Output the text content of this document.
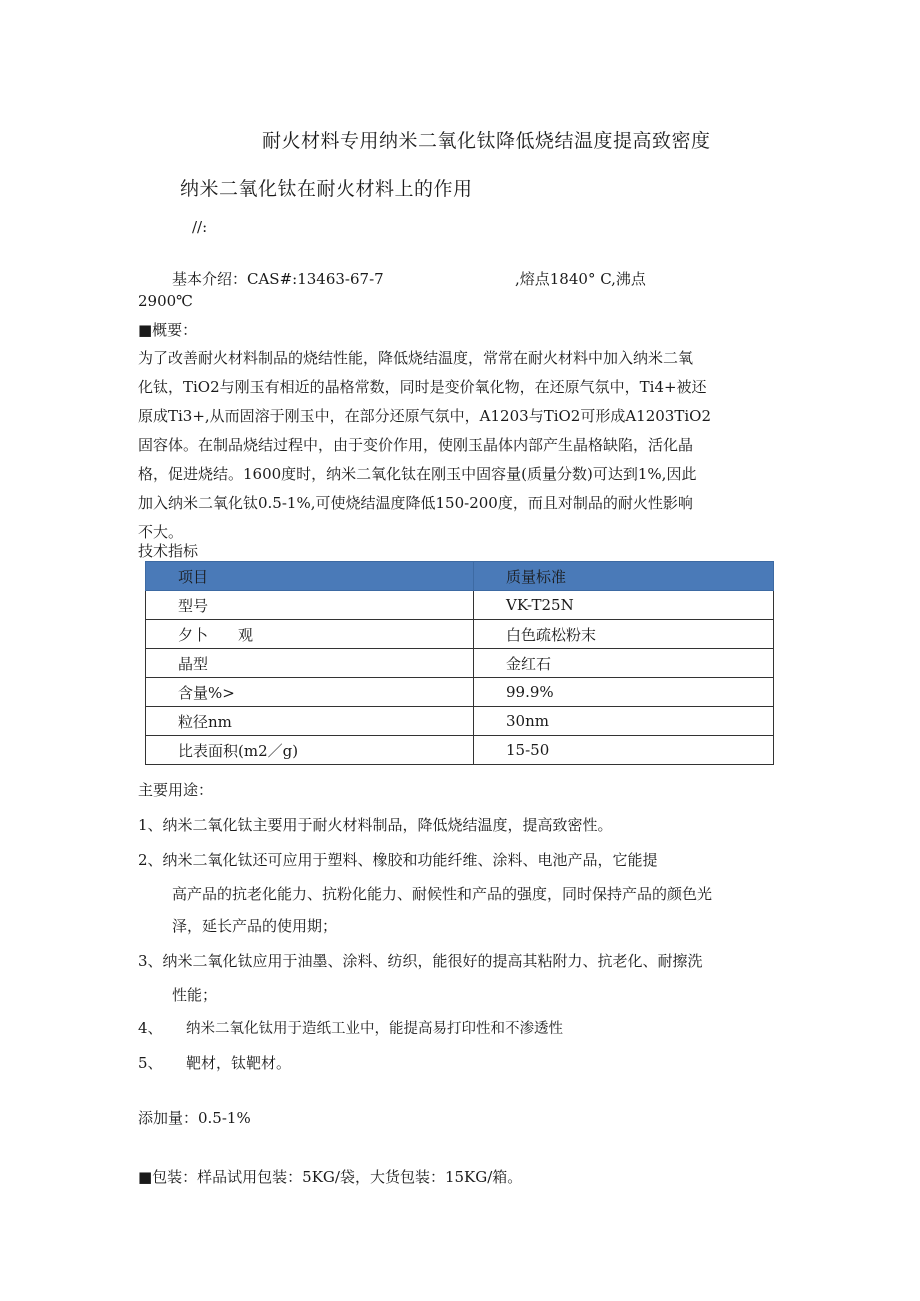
耐火材料专用纳米二氧化钛降低烧结温度提高致密度
纳米二氧化钛在耐火材料上的作用
//:
基本介绍：CAS#:13463-67-7	,熔点1840° C,沸点
2900℃
■概要：
为了改善耐火材料制品的烧结性能，降低烧结温度，常常在耐火材料中加入纳米二氧
化钛，TiO2与刚玉有相近的晶格常数，同时是变价氧化物，在还原气氛中，Ti4+被还
原成Ti3+,从而固溶于刚玉中，在部分还原气氛中，A1203与TiO2可形成A1203TiO2
固容体。在制品烧结过程中，由于变价作用，使刚玉晶体内部产生晶格缺陷，活化晶
格，促进烧结。1600度时，纳米二氧化钛在刚玉中固容量(质量分数)可达到1%,因此
加入纳米二氧化钛0.5-1%,可使烧结温度降低150-200度，而且对制品的耐火性影响
不大。
技术指标
项目	质量标准
型号	VK-T25N
夕卜　　观	白色疏松粉末
晶型	金红石
含量%>	99.9%
粒径nm	30nm
比表面积(m2／g)	15-50
主要用途：
1、纳米二氧化钛主要用于耐火材料制品，降低烧结温度，提高致密性。
2、纳米二氧化钛还可应用于塑料、橡胶和功能纤维、涂料、电池产品，它能提
高产品的抗老化能力、抗粉化能力、耐候性和产品的强度，同时保持产品的颜色光
泽，延长产品的使用期；
3、纳米二氧化钛应用于油墨、涂料、纺织，能很好的提高其粘附力、抗老化、耐擦洗
性能；
4、 纳米二氧化钛用于造纸工业中，能提高易打印性和不渗透性
5、 靶材，钛靶材。
添加量：0.5-1%
■包装：样品试用包装：5KG/袋，大货包装：15KG/箱。
